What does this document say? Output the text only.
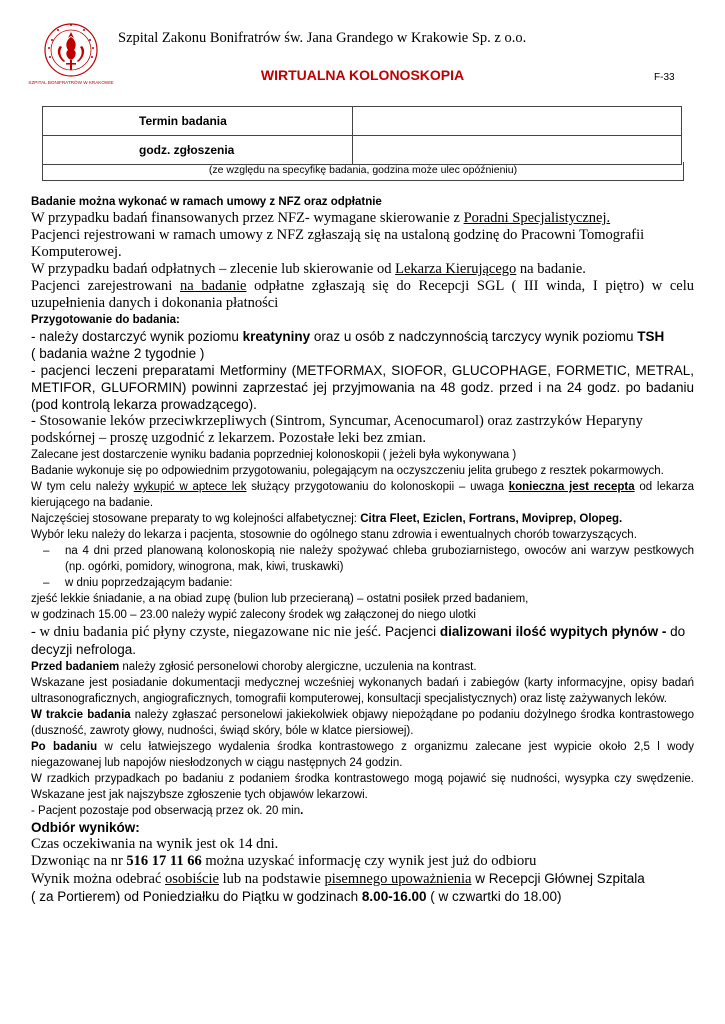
SZPITAL BONIFRATRÓW W KRAKOWIE
Szpital Zakonu Bonifratrów św. Jana Grandego w Krakowie Sp. z o.o.
WIRTUALNA KOLONOSKOPIA	F-33
Termin badania	
godz. zgłoszenia	
(ze względu na specyfikę badania, godzina może ulec opóźnieniu)

Badanie można wykonać w ramach umowy z NFZ oraz odpłatnie

W przypadku badań finansowanych przez NFZ- wymagane skierowanie z Poradni Specjalistycznej.

Pacjenci rejestrowani w ramach umowy z NFZ zgłaszają się na ustaloną godzinę do Pracowni Tomografii Komputerowej.

W przypadku badań odpłatnych – zlecenie lub skierowanie od Lekarza Kierującego na badanie.

Pacjenci zarejestrowani na badanie odpłatne zgłaszają się do Recepcji SGL ( III winda, I piętro) w celu uzupełnienia danych i dokonania płatności

Przygotowanie do badania:

- należy dostarczyć wynik poziomu kreatyniny oraz u osób z nadczynnością tarczycy wynik poziomu TSH
( badania ważne 2 tygodnie )

- pacjenci leczeni preparatami Metforminy (METFORMAX, SIOFOR, GLUCOPHAGE, FORMETIC, METRAL, METIFOR, GLUFORMIN) powinni zaprzestać jej przyjmowania na 48 godz. przed i na 24 godz. po badaniu (pod kontrolą lekarza prowadzącego).

- Stosowanie leków przeciwkrzepliwych (Sintrom, Syncumar, Acenocumarol) oraz zastrzyków Heparyny podskórnej – proszę uzgodnić z lekarzem. Pozostałe leki bez zmian.

Zalecane jest dostarczenie wyniku badania poprzedniej kolonoskopii ( jeżeli była wykonywana )

Badanie wykonuje się po odpowiednim przygotowaniu, polegającym na oczyszczeniu jelita grubego z resztek pokarmowych.

W tym celu należy wykupić w aptece lek służący przygotowaniu do kolonoskopii – uwaga konieczna jest recepta od lekarza kierującego na badanie.

Najczęściej stosowane preparaty to wg kolejności alfabetycznej: Citra Fleet, Eziclen, Fortrans, Moviprep, Olopeg.

Wybór leku należy do lekarza i pacjenta, stosownie do ogólnego stanu zdrowia i ewentualnych chorób towarzyszących.

– na 4 dni przed planowaną kolonoskopią nie należy spożywać chleba gruboziarnistego, owoców ani warzyw pestkowych (np. ogórki, pomidory, winogrona, mak, kiwi, truskawki)

– w dniu poprzedzającym badanie:

zjeść lekkie śniadanie, a na obiad zupę (bulion lub przecieraną) – ostatni posiłek przed badaniem,

w godzinach 15.00 – 23.00 należy wypić zalecony środek wg załączonej do niego ulotki

- w dniu badania pić płyny czyste, niegazowane nic nie jeść. Pacjenci dializowani ilość wypitych płynów - do decyzji nefrologa.

Przed badaniem należy zgłosić personelowi choroby alergiczne, uczulenia na kontrast.

Wskazane jest posiadanie dokumentacji medycznej wcześniej wykonanych badań i zabiegów (karty informacyjne, opisy badań ultrasonograficznych, angiograficznych, tomografii komputerowej, konsultacji specjalistycznych) oraz listę zażywanych leków.

W trakcie badania należy zgłaszać personelowi jakiekolwiek objawy niepożądane po podaniu dożylnego środka kontrastowego (duszność, zawroty głowy, nudności, świąd skóry, bóle w klatce piersiowej).

Po badaniu w celu łatwiejszego wydalenia środka kontrastowego z organizmu zalecane jest wypicie około 2,5 l wody niegazowanej lub napojów niesłodzonych w ciągu następnych 24 godzin.

W rzadkich przypadkach po badaniu z podaniem środka kontrastowego mogą pojawić się nudności, wysypka czy swędzenie. Wskazane jest jak najszybsze zgłoszenie tych objawów lekarzowi.

- Pacjent pozostaje pod obserwacją przez ok. 20 min.

Odbiór wyników:

Czas oczekiwania na wynik jest ok 14 dni.

Dzwoniąc na nr 516 17 11 66 można uzyskać informację czy wynik jest już do odbioru

Wynik można odebrać osobiście lub na podstawie pisemnego upoważnienia w Recepcji Głównej Szpitala

( za Portierem) od Poniedziałku do Piątku w godzinach 8.00-16.00 ( w czwartki do 18.00)
